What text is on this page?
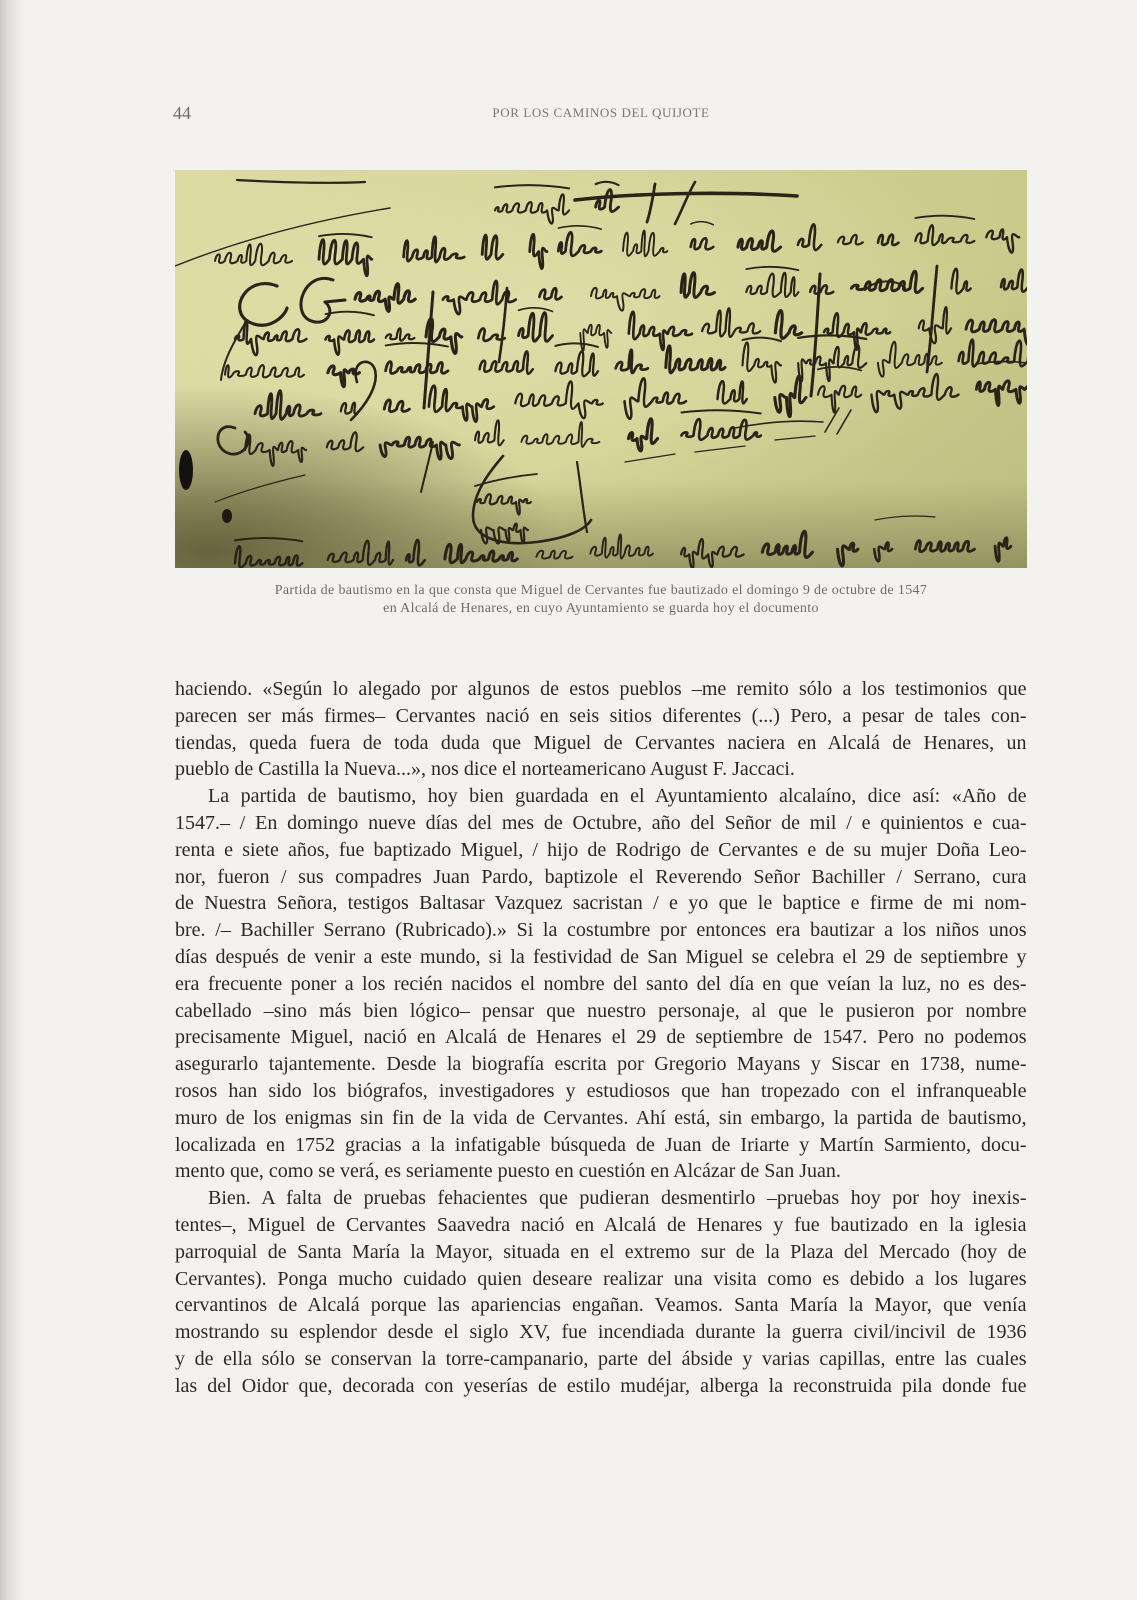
44	POR LOS CAMINOS DEL QUIJOTE
Partida de bautismo en la que consta que Miguel de Cervantes fue bautizado el domingo 9 de octubre de 1547
en Alcalá de Henares, en cuyo Ayuntamiento se guarda hoy el documento
haciendo. «Según lo alegado por algunos de estos pueblos –me remito sólo a los testimonios que
parecen ser más firmes– Cervantes nació en seis sitios diferentes (...) Pero, a pesar de tales con-
tiendas, queda fuera de toda duda que Miguel de Cervantes naciera en Alcalá de Henares, un
pueblo de Castilla la Nueva...», nos dice el norteamericano August F. Jaccaci.
La partida de bautismo, hoy bien guardada en el Ayuntamiento alcalaíno, dice así: «Año de
1547.– / En domingo nueve días del mes de Octubre, año del Señor de mil / e quinientos e cua-
renta e siete años, fue baptizado Miguel, / hijo de Rodrigo de Cervantes e de su mujer Doña Leo-
nor, fueron / sus compadres Juan Pardo, baptizole el Reverendo Señor Bachiller / Serrano, cura
de Nuestra Señora, testigos Baltasar Vazquez sacristan / e yo que le baptice e firme de mi nom-
bre. /– Bachiller Serrano (Rubricado).» Si la costumbre por entonces era bautizar a los niños unos
días después de venir a este mundo, si la festividad de San Miguel se celebra el 29 de septiembre y
era frecuente poner a los recién nacidos el nombre del santo del día en que veían la luz, no es des-
cabellado –sino más bien lógico– pensar que nuestro personaje, al que le pusieron por nombre
precisamente Miguel, nació en Alcalá de Henares el 29 de septiembre de 1547. Pero no podemos
asegurarlo tajantemente. Desde la biografía escrita por Gregorio Mayans y Siscar en 1738, nume-
rosos han sido los biógrafos, investigadores y estudiosos que han tropezado con el infranqueable
muro de los enigmas sin fin de la vida de Cervantes. Ahí está, sin embargo, la partida de bautismo,
localizada en 1752 gracias a la infatigable búsqueda de Juan de Iriarte y Martín Sarmiento, docu-
mento que, como se verá, es seriamente puesto en cuestión en Alcázar de San Juan.
Bien. A falta de pruebas fehacientes que pudieran desmentirlo –pruebas hoy por hoy inexis-
tentes–, Miguel de Cervantes Saavedra nació en Alcalá de Henares y fue bautizado en la iglesia
parroquial de Santa María la Mayor, situada en el extremo sur de la Plaza del Mercado (hoy de
Cervantes). Ponga mucho cuidado quien deseare realizar una visita como es debido a los lugares
cervantinos de Alcalá porque las apariencias engañan. Veamos. Santa María la Mayor, que venía
mostrando su esplendor desde el siglo XV, fue incendiada durante la guerra civil/incivil de 1936
y de ella sólo se conservan la torre-campanario, parte del ábside y varias capillas, entre las cuales
las del Oidor que, decorada con yeserías de estilo mudéjar, alberga la reconstruida pila donde fue
